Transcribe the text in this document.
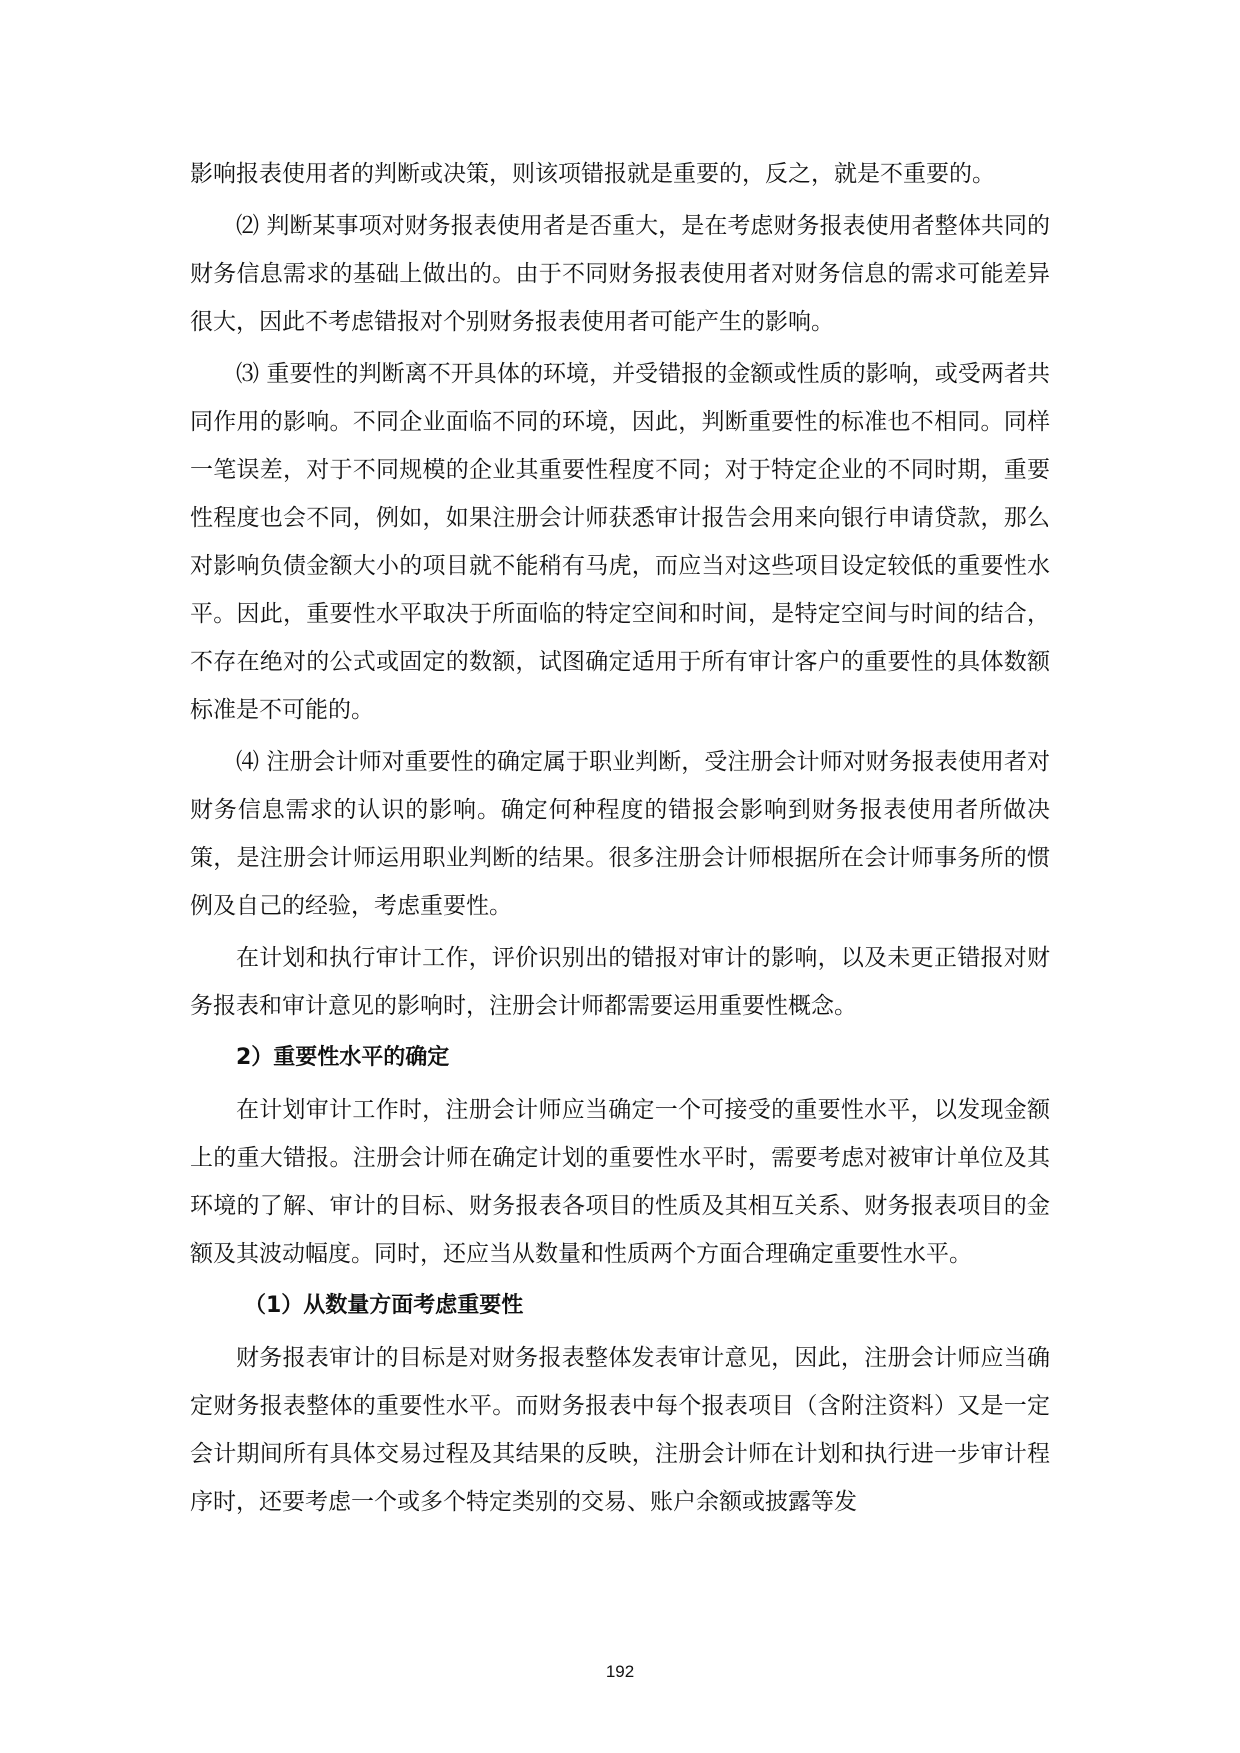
影响报表使用者的判断或决策，则该项错报就是重要的，反之，就是不重要的。

⑵ 判断某事项对财务报表使用者是否重大，是在考虑财务报表使用者整体共同的财务信息需求的基础上做出的。由于不同财务报表使用者对财务信息的需求可能差异很大，因此不考虑错报对个别财务报表使用者可能产生的影响。

⑶ 重要性的判断离不开具体的环境，并受错报的金额或性质的影响，或受两者共同作用的影响。不同企业面临不同的环境，因此，判断重要性的标准也不相同。同样一笔误差，对于不同规模的企业其重要性程度不同；对于特定企业的不同时期，重要性程度也会不同，例如，如果注册会计师获悉审计报告会用来向银行申请贷款，那么对影响负债金额大小的项目就不能稍有马虎，而应当对这些项目设定较低的重要性水平。因此，重要性水平取决于所面临的特定空间和时间，是特定空间与时间的结合，不存在绝对的公式或固定的数额，试图确定适用于所有审计客户的重要性的具体数额标准是不可能的。

⑷ 注册会计师对重要性的确定属于职业判断，受注册会计师对财务报表使用者对财务信息需求的认识的影响。确定何种程度的错报会影响到财务报表使用者所做决策，是注册会计师运用职业判断的结果。很多注册会计师根据所在会计师事务所的惯例及自己的经验，考虑重要性。

在计划和执行审计工作，评价识别出的错报对审计的影响，以及未更正错报对财务报表和审计意见的影响时，注册会计师都需要运用重要性概念。

2）重要性水平的确定

在计划审计工作时，注册会计师应当确定一个可接受的重要性水平，以发现金额上的重大错报。注册会计师在确定计划的重要性水平时，需要考虑对被审计单位及其环境的了解、审计的目标、财务报表各项目的性质及其相互关系、财务报表项目的金额及其波动幅度。同时，还应当从数量和性质两个方面合理确定重要性水平。

（1）从数量方面考虑重要性

财务报表审计的目标是对财务报表整体发表审计意见，因此，注册会计师应当确定财务报表整体的重要性水平。而财务报表中每个报表项目（含附注资料）又是一定会计期间所有具体交易过程及其结果的反映，注册会计师在计划和执行进一步审计程序时，还要考虑一个或多个特定类别的交易、账户余额或披露等发

192
